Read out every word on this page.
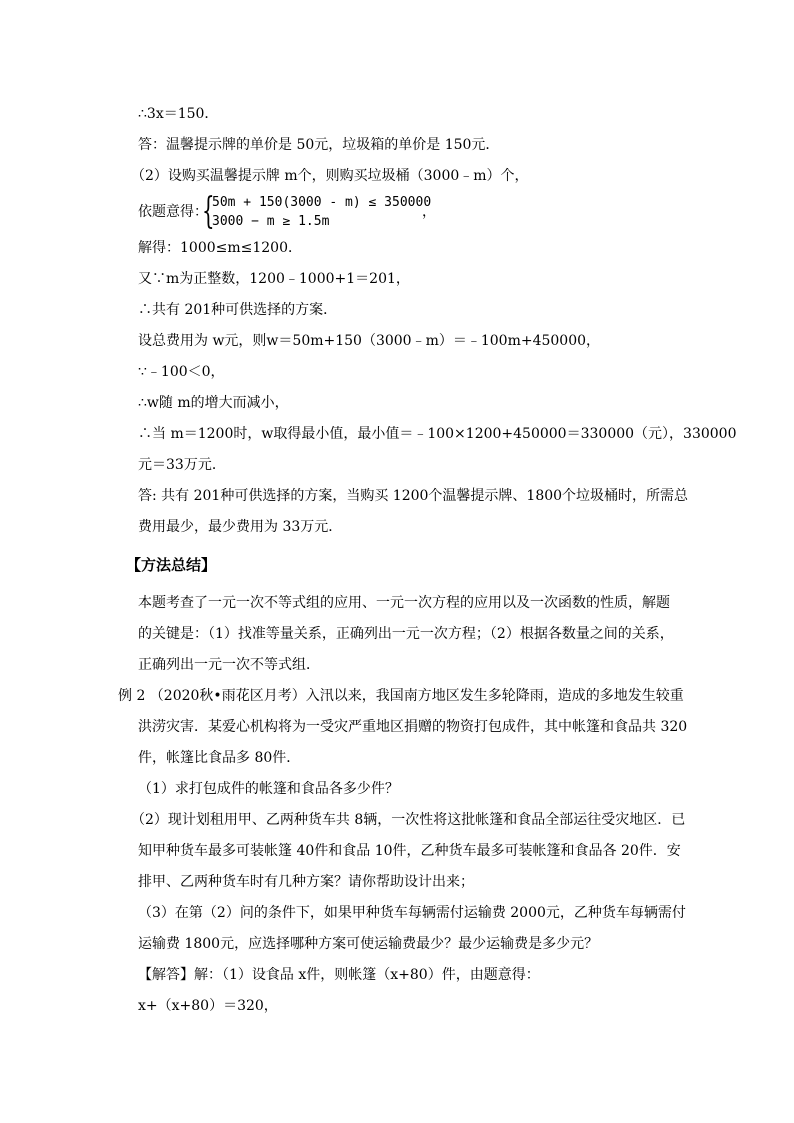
∴3x＝150．
答：温馨提示牌的单价是 50元，垃圾箱的单价是 150元．
（2）设购买温馨提示牌 m个，则购买垃圾桶（3000﹣m）个，
依题意得：
{
50m + 150(3000 - m) ≤ 350000
3000 − m ≥ 1.5m
，
解得：1000≤m≤1200．
又∵m为正整数，1200﹣1000+1＝201，
∴共有 201种可供选择的方案．
设总费用为 w元，则w＝50m+150（3000﹣m）＝﹣100m+450000，
∵﹣100＜0，
∴w随 m的增大而减小，
∴当 m＝1200时，w取得最小值，最小值＝﹣100×1200+450000＝330000（元），330000
元＝33万元．
答: 共有 201种可供选择的方案，当购买 1200个温馨提示牌、1800个垃圾桶时，所需总
费用最少，最少费用为 33万元．
【方法总结】
本题考查了一元一次不等式组的应用、一元一次方程的应用以及一次函数的性质，解题
的关键是：（1）找准等量关系，正确列出一元一次方程；（2）根据各数量之间的关系，
正确列出一元一次不等式组．
例 2 （2020秋•雨花区月考）入汛以来，我国南方地区发生多轮降雨，造成的多地发生较重
洪涝灾害．某爱心机构将为一受灾严重地区捐赠的物资打包成件，其中帐篷和食品共 320
件，帐篷比食品多 80件．
（1）求打包成件的帐篷和食品各多少件？
（2）现计划租用甲、乙两种货车共 8辆，一次性将这批帐篷和食品全部运往受灾地区．已
知甲种货车最多可装帐篷 40件和食品 10件，乙种货车最多可装帐篷和食品各 20件．安
排甲、乙两种货车时有几种方案？请你帮助设计出来；
（3）在第（2）问的条件下，如果甲种货车每辆需付运输费 2000元，乙种货车每辆需付
运输费 1800元，应选择哪种方案可使运输费最少？最少运输费是多少元？
【解答】解：（1）设食品 x件，则帐篷（x+80）件，由题意得：
x+（x+80）＝320，
